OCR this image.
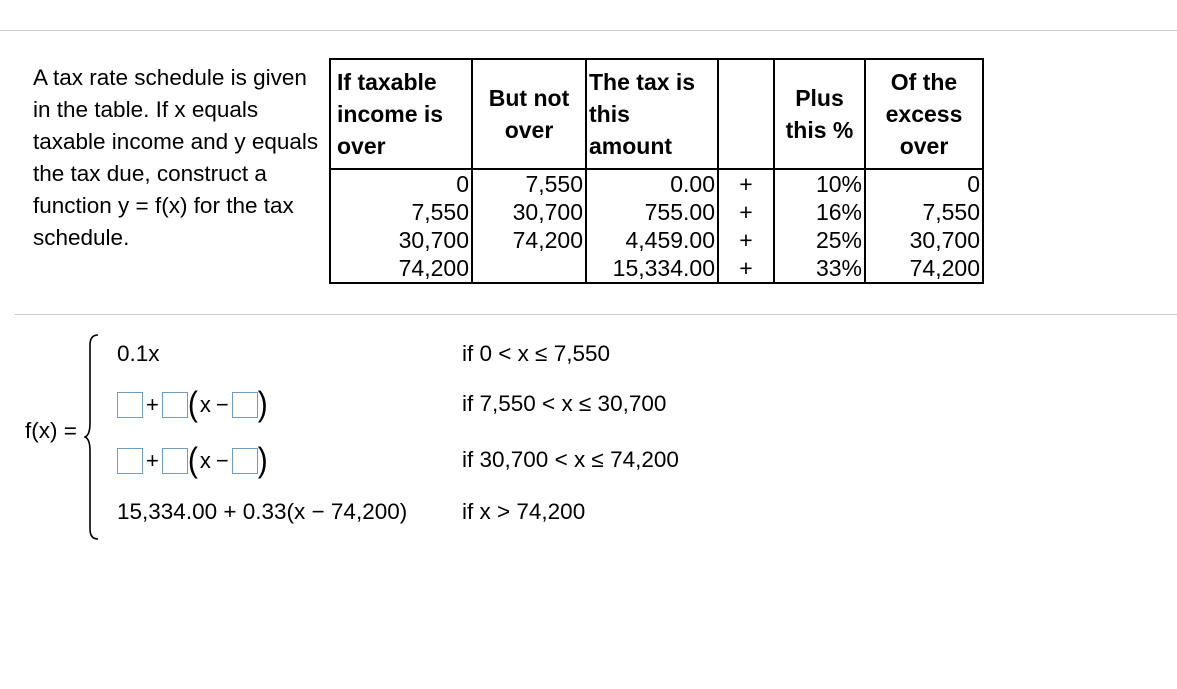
A tax rate schedule is given in the table. If x equals taxable income and y equals the tax due, construct a function y = f(x) for the tax schedule.

If taxable income is over	But not over	The tax is this amount		Plus this %	Of the excess over
0	7,550	0.00	+	10%	0
7,550	30,700	755.00	+	16%	7,550
30,700	74,200	4,459.00	+	25%	30,700
74,200		15,334.00	+	33%	74,200
f(x) =
0.1x	if 0 < x ≤ 7,550
+ (x − )	if 7,550 < x ≤ 30,700
+ (x − )	if 30,700 < x ≤ 74,200
15,334.00 + 0.33(x − 74,200) if x > 74,200
